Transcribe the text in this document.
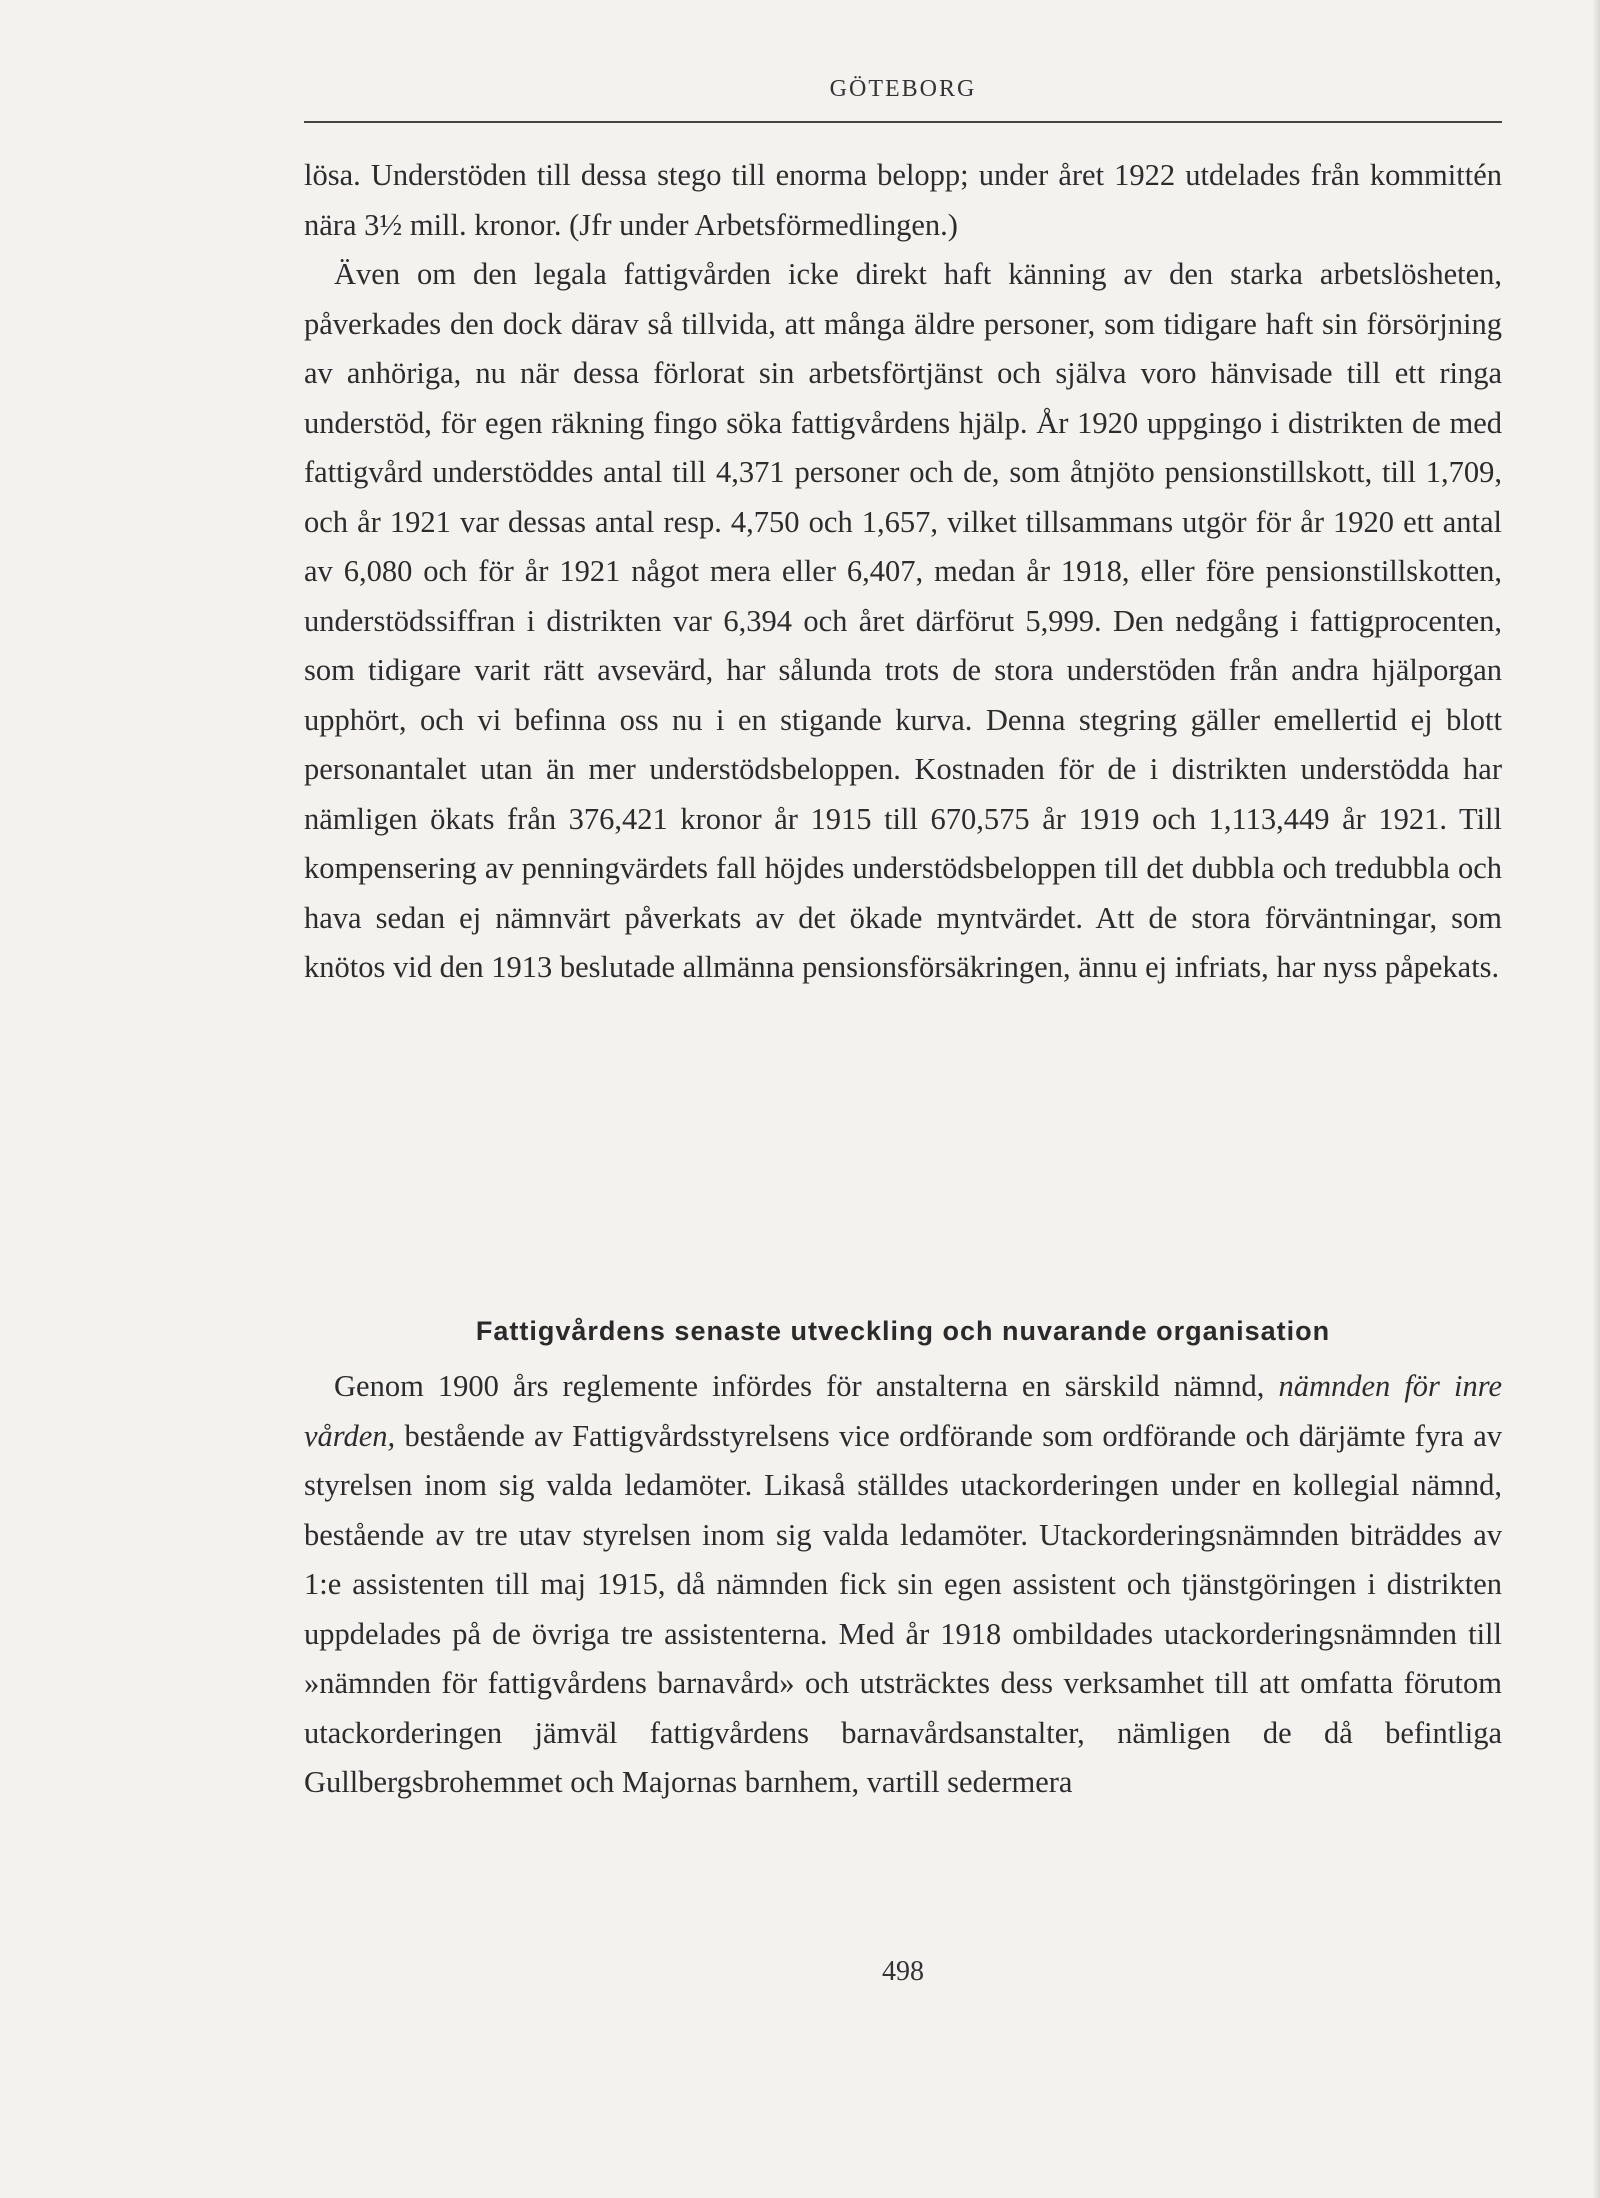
GÖTEBORG

lösa. Understöden till dessa stego till enorma belopp; under året 1922 utdelades från kommittén nära 3½ mill. kronor. (Jfr under Arbetsförmedlingen.)

Även om den legala fattigvården icke direkt haft känning av den starka arbetslösheten, påverkades den dock därav så tillvida, att många äldre personer, som tidigare haft sin försörjning av anhöriga, nu när dessa förlorat sin arbetsförtjänst och själva voro hänvisade till ett ringa understöd, för egen räkning fingo söka fattigvårdens hjälp. År 1920 uppgingo i distrikten de med fattigvård understöddes antal till 4,371 personer och de, som åtnjöto pensionstillskott, till 1,709, och år 1921 var dessas antal resp. 4,750 och 1,657, vilket tillsammans utgör för år 1920 ett antal av 6,080 och för år 1921 något mera eller 6,407, medan år 1918, eller före pensionstillskotten, understödssiffran i distrikten var 6,394 och året därförut 5,999. Den nedgång i fattigprocenten, som tidigare varit rätt avsevärd, har sålunda trots de stora understöden från andra hjälporgan upphört, och vi befinna oss nu i en stigande kurva. Denna stegring gäller emellertid ej blott personantalet utan än mer understödsbeloppen. Kostnaden för de i distrikten understödda har nämligen ökats från 376,421 kronor år 1915 till 670,575 år 1919 och 1,113,449 år 1921. Till kompensering av penningvärdets fall höjdes understödsbeloppen till det dubbla och tredubbla och hava sedan ej nämnvärt påverkats av det ökade myntvärdet. Att de stora förväntningar, som knötos vid den 1913 beslutade allmänna pensionsförsäkringen, ännu ej infriats, har nyss påpekats.

Fattigvårdens senaste utveckling och nuvarande organisation

Genom 1900 års reglemente infördes för anstalterna en särskild nämnd, nämnden för inre vården, bestående av Fattigvårdsstyrelsens vice ordförande som ordförande och därjämte fyra av styrelsen inom sig valda ledamöter. Likaså ställdes utackorderingen under en kollegial nämnd, bestående av tre utav styrelsen inom sig valda ledamöter. Utackorderingsnämnden biträddes av 1:e assistenten till maj 1915, då nämnden fick sin egen assistent och tjänstgöringen i distrikten uppdelades på de övriga tre assistenterna. Med år 1918 ombildades utackorderingsnämnden till »nämnden för fattigvårdens barnavård» och utsträcktes dess verksamhet till att omfatta förutom utackorderingen jämväl fattigvårdens barnavårdsanstalter, nämligen de då befintliga Gullbergsbrohemmet och Majornas barnhem, vartill sedermera

498
